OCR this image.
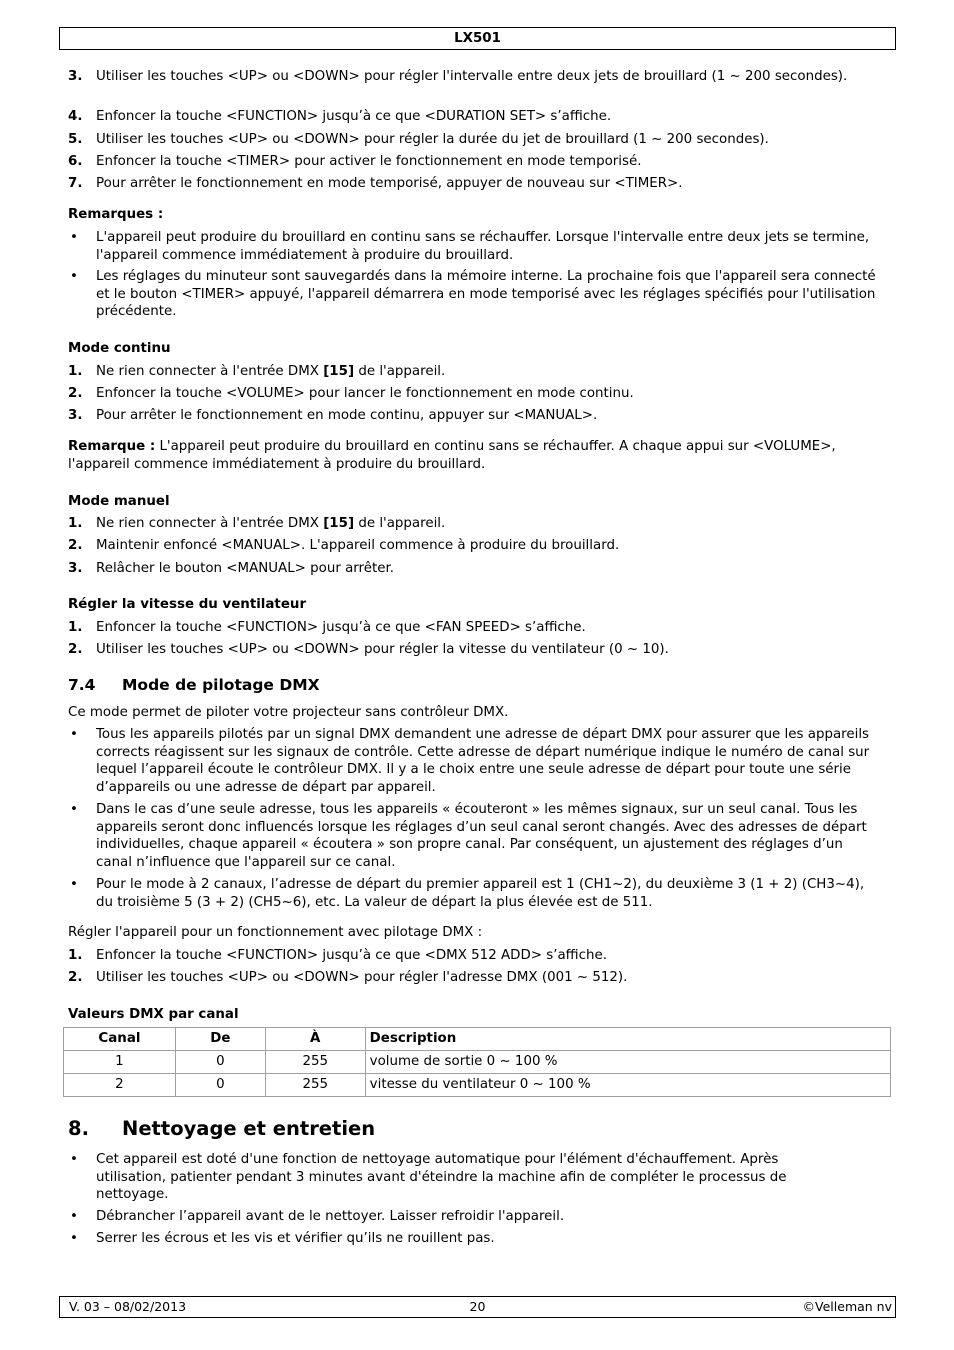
LX501
3. Utiliser les touches <UP> ou <DOWN> pour régler l'intervalle entre deux jets de brouillard (1 ~ 200 secondes).
4. Enfoncer la touche <FUNCTION> jusqu’à ce que <DURATION SET> s’affiche.
5. Utiliser les touches <UP> ou <DOWN> pour régler la durée du jet de brouillard (1 ~ 200 secondes).
6. Enfoncer la touche <TIMER> pour activer le fonctionnement en mode temporisé.
7. Pour arrêter le fonctionnement en mode temporisé, appuyer de nouveau sur <TIMER>.
Remarques :
• L'appareil peut produire du brouillard en continu sans se réchauffer. Lorsque l'intervalle entre deux jets se termine, l'appareil commence immédiatement à produire du brouillard.
• Les réglages du minuteur sont sauvegardés dans la mémoire interne. La prochaine fois que l'appareil sera connecté et le bouton <TIMER> appuyé, l'appareil démarrera en mode temporisé avec les réglages spécifiés pour l'utilisation précédente.
Mode continu
1. Ne rien connecter à l'entrée DMX [15] de l'appareil.
2. Enfoncer la touche <VOLUME> pour lancer le fonctionnement en mode continu.
3. Pour arrêter le fonctionnement en mode continu, appuyer sur <MANUAL>.
Remarque : L'appareil peut produire du brouillard en continu sans se réchauffer. A chaque appui sur <VOLUME>, l'appareil commence immédiatement à produire du brouillard.
Mode manuel
1. Ne rien connecter à l'entrée DMX [15] de l'appareil.
2. Maintenir enfoncé <MANUAL>. L'appareil commence à produire du brouillard.
3. Relâcher le bouton <MANUAL> pour arrêter.
Régler la vitesse du ventilateur
1. Enfoncer la touche <FUNCTION> jusqu’à ce que <FAN SPEED> s’affiche.
2. Utiliser les touches <UP> ou <DOWN> pour régler la vitesse du ventilateur (0 ~ 10).
7.4 Mode de pilotage DMX
Ce mode permet de piloter votre projecteur sans contrôleur DMX.
• Tous les appareils pilotés par un signal DMX demandent une adresse de départ DMX pour assurer que les appareils corrects réagissent sur les signaux de contrôle. Cette adresse de départ numérique indique le numéro de canal sur lequel l’appareil écoute le contrôleur DMX. Il y a le choix entre une seule adresse de départ pour toute une série d’appareils ou une adresse de départ par appareil.
• Dans le cas d’une seule adresse, tous les appareils « écouteront » les mêmes signaux, sur un seul canal. Tous les appareils seront donc influencés lorsque les réglages d’un seul canal seront changés. Avec des adresses de départ individuelles, chaque appareil « écoutera » son propre canal. Par conséquent, un ajustement des réglages d’un canal n’influence que l'appareil sur ce canal.
• Pour le mode à 2 canaux, l’adresse de départ du premier appareil est 1 (CH1~2), du deuxième 3 (1 + 2) (CH3~4), du troisième 5 (3 + 2) (CH5~6), etc. La valeur de départ la plus élevée est de 511.
Régler l'appareil pour un fonctionnement avec pilotage DMX :
1. Enfoncer la touche <FUNCTION> jusqu’à ce que <DMX 512 ADD> s’affiche.
2. Utiliser les touches <UP> ou <DOWN> pour régler l'adresse DMX (001 ~ 512).
Valeurs DMX par canal
Canal	De	À	Description
1	0	255	volume de sortie 0 ~ 100 %
2	0	255	vitesse du ventilateur 0 ~ 100 %
8. Nettoyage et entretien
• Cet appareil est doté d'une fonction de nettoyage automatique pour l'élément d'échauffement. Après utilisation, patienter pendant 3 minutes avant d'éteindre la machine afin de compléter le processus de nettoyage.
• Débrancher l’appareil avant de le nettoyer. Laisser refroidir l'appareil.
• Serrer les écrous et les vis et vérifier qu’ils ne rouillent pas.
V. 03 – 08/02/2013	20	©Velleman nv
